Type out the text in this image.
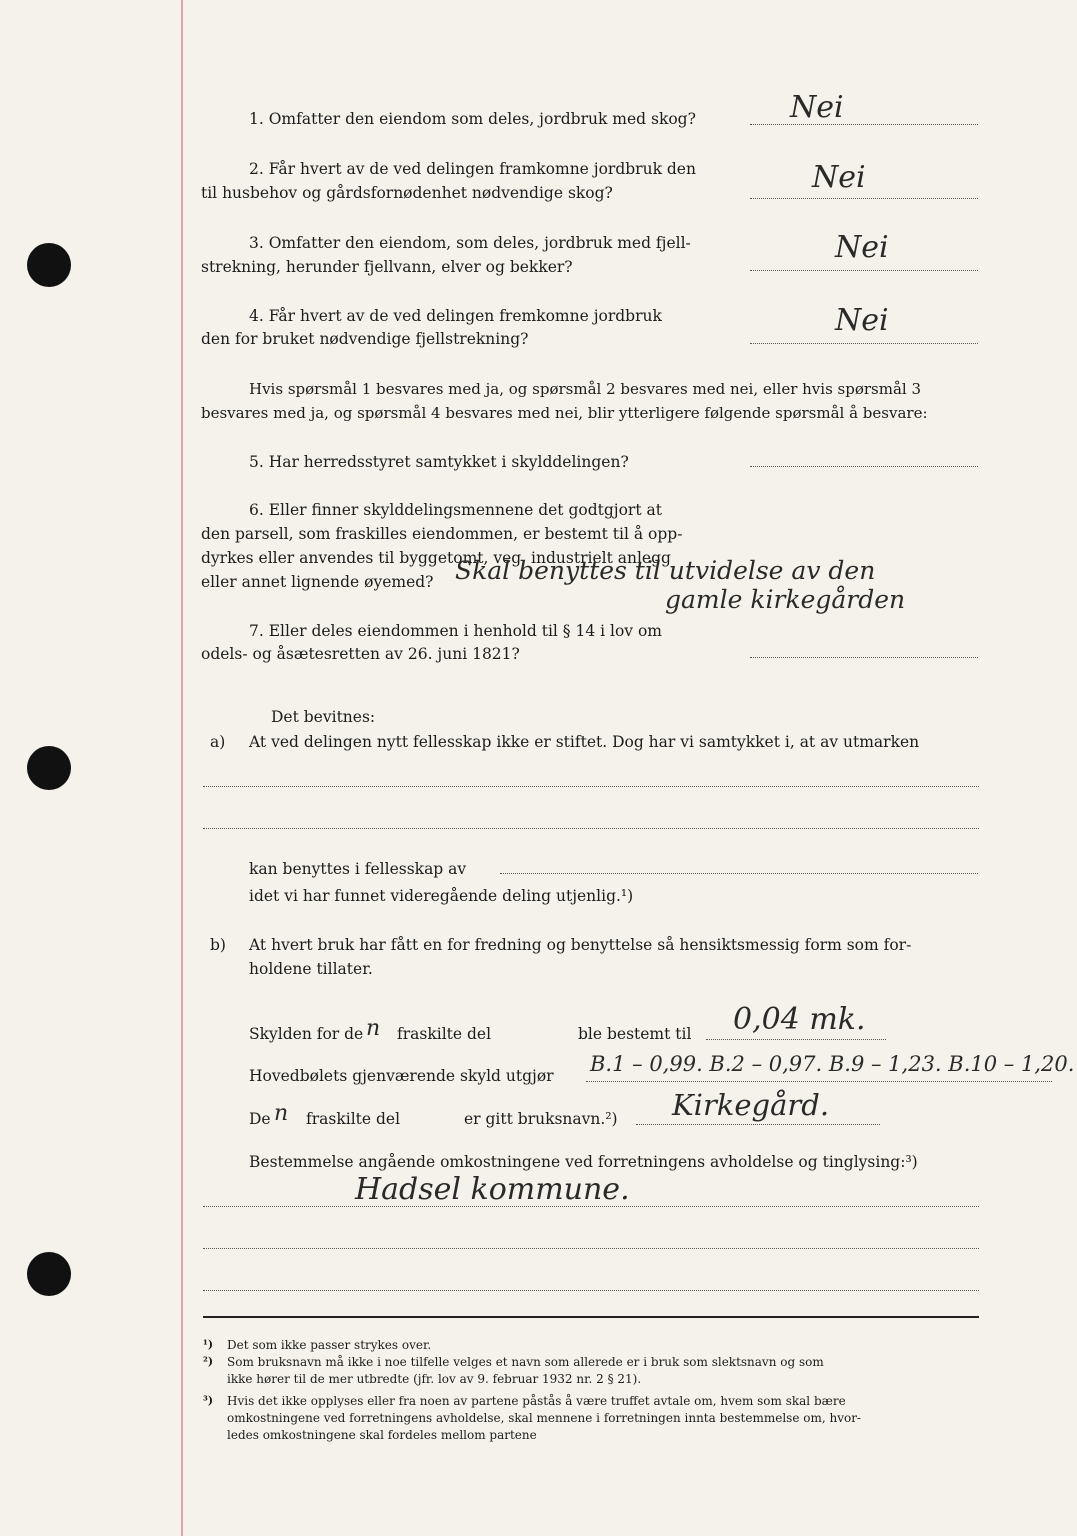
1. Omfatter den eiendom som deles, jordbruk med skog?	Nei
2. Får hvert av de ved delingen framkomne jordbruk den
til husbehov og gårdsfornødenhet nødvendige skog?	Nei
3. Omfatter den eiendom, som deles, jordbruk med fjell-
strekning, herunder fjellvann, elver og bekker?
Nei
4. Får hvert av de ved delingen fremkomne jordbruk
den for bruket nødvendige fjellstrekning?
Nei
Hvis spørsmål 1 besvares med ja, og spørsmål 2 besvares med nei, eller hvis spørsmål 3
besvares med ja, og spørsmål 4 besvares med nei, blir ytterligere følgende spørsmål å besvare:
5. Har herredsstyret samtykket i skylddelingen?
6. Eller finner skylddelingsmennene det godtgjort at
den parsell, som fraskilles eiendommen, er bestemt til å opp-
dyrkes eller anvendes til byggetomt, veg, industrielt anlegg
eller annet lignende øyemed? Skal benyttes til utvidelse av den
gamle kirkegården
7. Eller deles eiendommen i henhold til § 14 i lov om
odels- og åsætesretten av 26. juni 1821?
Det bevitnes:
a) At ved delingen nytt fellesskap ikke er stiftet. Dog har vi samtykket i, at av utmarken
kan benyttes i fellesskap av
idet vi har funnet videregående deling utjenlig.¹)
b) At hvert bruk har fått en for fredning og benyttelse så hensiktsmessig form som for-
holdene tillater.
Skylden for de n fraskilte del	ble bestemt til 0,04 mk.
Hovedbølets gjenværende skyld utgjør B.1 – 0,99. B.2 – 0,97. B.9 – 1,23. B.10 – 1,20.
De n fraskilte del	er gitt bruksnavn.²) Kirkegård.
Bestemmelse angående omkostningene ved forretningens avholdelse og tinglysing:³)
Hadsel kommune.
¹) Det som ikke passer strykes over.
²) Som bruksnavn må ikke i noe tilfelle velges et navn som allerede er i bruk som slektsnavn og som
ikke hører til de mer utbredte (jfr. lov av 9. februar 1932 nr. 2 § 21).
³) Hvis det ikke opplyses eller fra noen av partene påstås å være truffet avtale om, hvem som skal bære
omkostningene ved forretningens avholdelse, skal mennene i forretningen innta bestemmelse om, hvor-
ledes omkostningene skal fordeles mellom partene
